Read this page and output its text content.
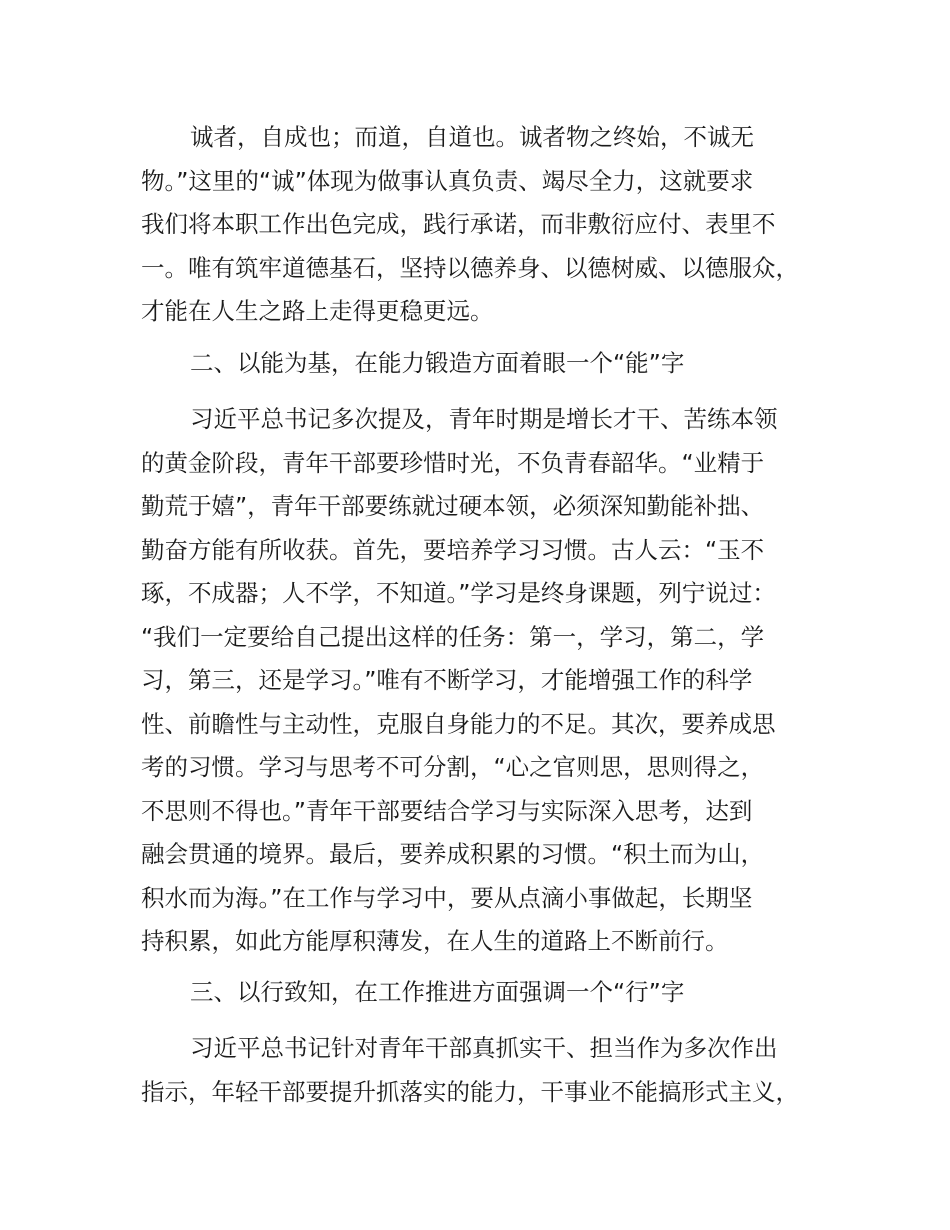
诚者，自成也；而道，自道也。诚者物之终始，不诚无
物。”这里的“诚”体现为做事认真负责、竭尽全力，这就要求
我们将本职工作出色完成，践行承诺，而非敷衍应付、表里不
一。唯有筑牢道德基石，坚持以德养身、以德树威、以德服众，
才能在人生之路上走得更稳更远。
二、以能为基，在能力锻造方面着眼一个“能”字
习近平总书记多次提及，青年时期是增长才干、苦练本领
的黄金阶段，青年干部要珍惜时光，不负青春韶华。“业精于
勤荒于嬉”，青年干部要练就过硬本领，必须深知勤能补拙、
勤奋方能有所收获。首先，要培养学习习惯。古人云：“玉不
琢，不成器；人不学，不知道。”学习是终身课题，列宁说过：
“我们一定要给自己提出这样的任务：第一，学习，第二，学
习，第三，还是学习。”唯有不断学习，才能增强工作的科学
性、前瞻性与主动性，克服自身能力的不足。其次，要养成思
考的习惯。学习与思考不可分割，“心之官则思，思则得之，
不思则不得也。”青年干部要结合学习与实际深入思考，达到
融会贯通的境界。最后，要养成积累的习惯。“积土而为山，
积水而为海。”在工作与学习中，要从点滴小事做起，长期坚
持积累，如此方能厚积薄发，在人生的道路上不断前行。
三、以行致知，在工作推进方面强调一个“行”字
习近平总书记针对青年干部真抓实干、担当作为多次作出
指示，年轻干部要提升抓落实的能力，干事业不能搞形式主义，
